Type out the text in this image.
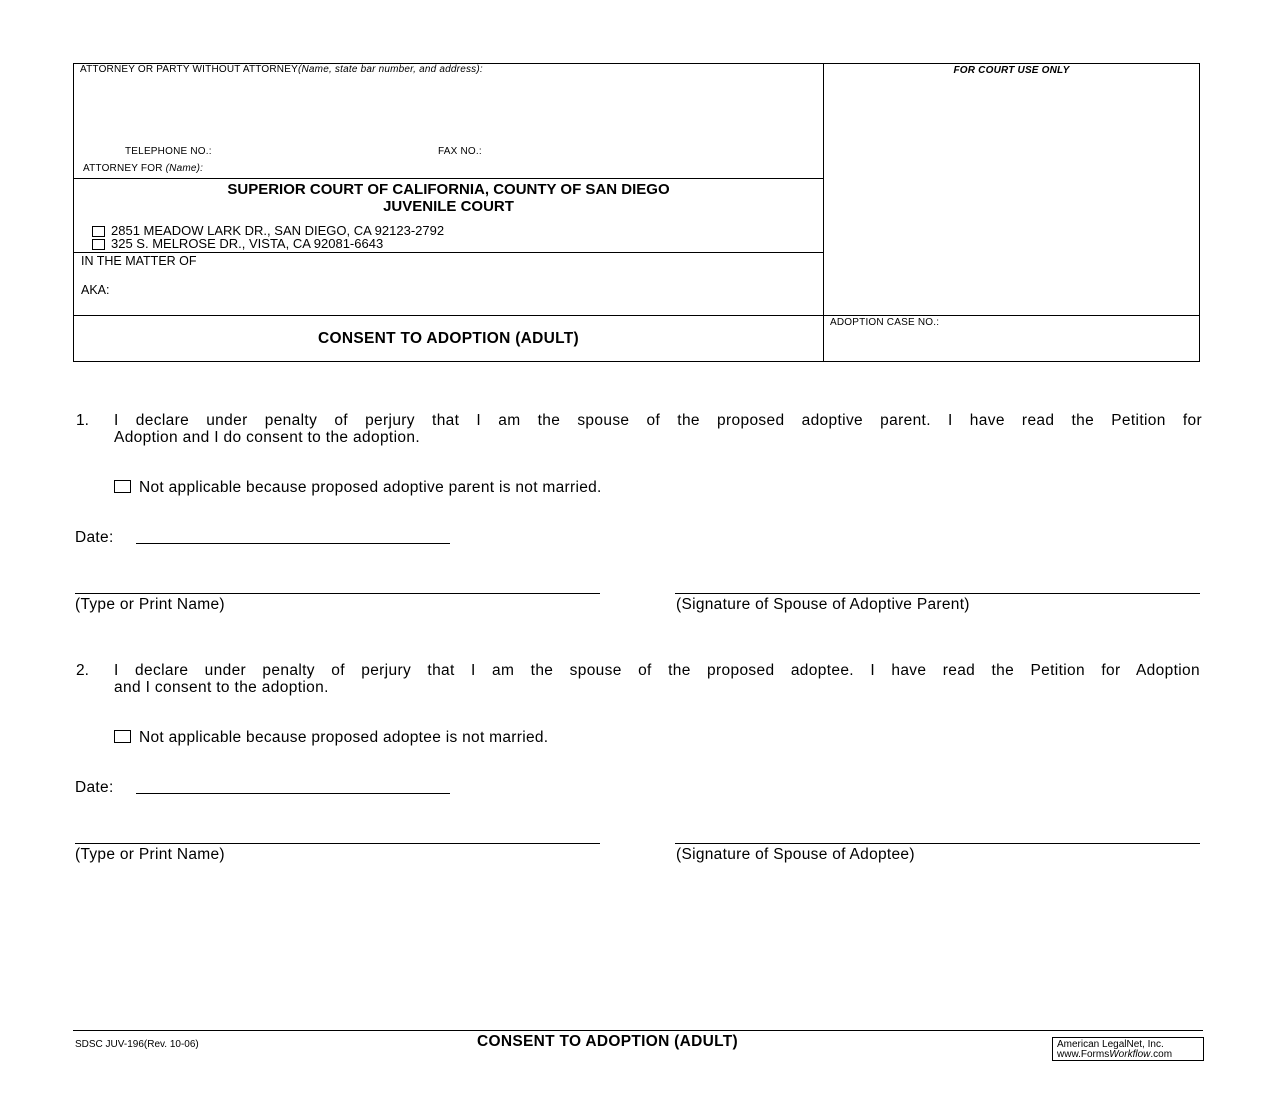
ATTORNEY OR PARTY WITHOUT ATTORNEY(Name, state bar number, and address):
TELEPHONE NO.:	FAX NO.:
ATTORNEY FOR (Name):
FOR COURT USE ONLY
SUPERIOR COURT OF CALIFORNIA, COUNTY OF SAN DIEGO
JUVENILE COURT
2851 MEADOW LARK DR., SAN DIEGO, CA 92123-2792
325 S. MELROSE DR., VISTA, CA 92081-6643
IN THE MATTER OF
AKA:
CONSENT TO ADOPTION (ADULT)
ADOPTION CASE NO.:
1. I declare under penalty of perjury that I am the spouse of the proposed adoptive parent. I have read the Petition for
Adoption and I do consent to the adoption.
Not applicable because proposed adoptive parent is not married.
Date:
(Type or Print Name)	(Signature of Spouse of Adoptive Parent)
2. I declare under penalty of perjury that I am the spouse of the proposed adoptee. I have read the Petition for Adoption
and I consent to the adoption.
Not applicable because proposed adoptee is not married.
Date:
(Type or Print Name)	(Signature of Spouse of Adoptee)
SDSC JUV-196(Rev. 10-06)	CONSENT TO ADOPTION (ADULT)	American LegalNet, Inc.
www.FormsWorkflow.com
